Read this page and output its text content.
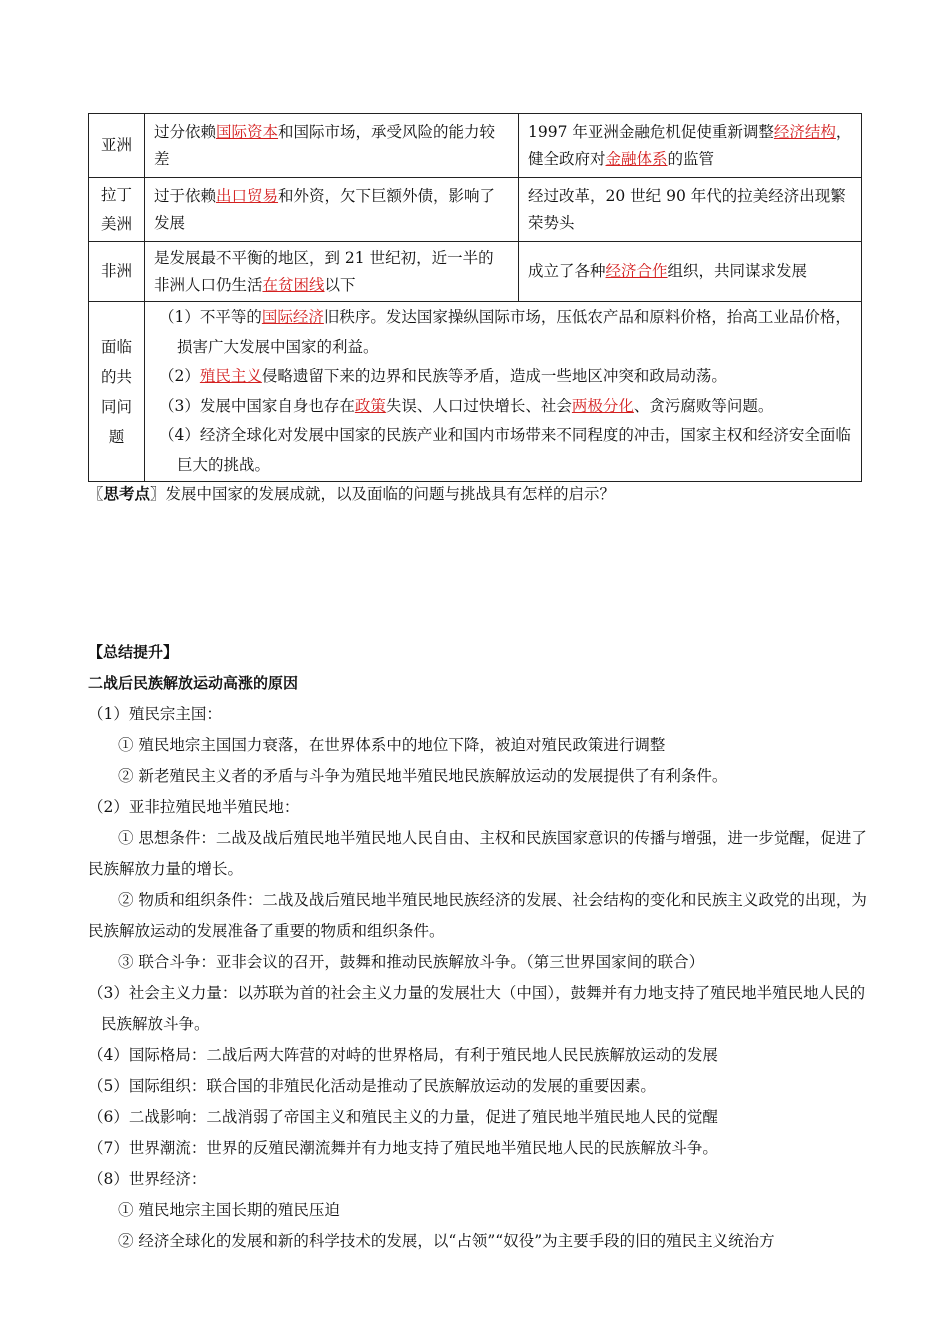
亚洲	过分依赖国际资本和国际市场，承受风险的能力较差	1997 年亚洲金融危机促使重新调整经济结构，健全政府对金融体系的监管
拉丁美洲	过于依赖出口贸易和外资，欠下巨额外债，影响了发展	经过改革，20 世纪 90 年代的拉美经济出现繁荣势头
非洲	是发展最不平衡的地区，到 21 世纪初，近一半的非洲人口仍生活在贫困线以下	成立了各种经济合作组织，共同谋求发展
面临的共同问题	（1）不平等的国际经济旧秩序。发达国家操纵国际市场，压低农产品和原料价格，抬高工业品价格，损害广大发展中国家的利益。
（2）殖民主义侵略遗留下来的边界和民族等矛盾，造成一些地区冲突和政局动荡。
（3）发展中国家自身也存在政策失误、人口过快增长、社会两极分化、贪污腐败等问题。
（4）经济全球化对发展中国家的民族产业和国内市场带来不同程度的冲击，国家主权和经济安全面临巨大的挑战。	
〖思考点〗发展中国家的发展成就，以及面临的问题与挑战具有怎样的启示？
【总结提升】
二战后民族解放运动高涨的原因
（1）殖民宗主国：
① 殖民地宗主国国力衰落，在世界体系中的地位下降，被迫对殖民政策进行调整
② 新老殖民主义者的矛盾与斗争为殖民地半殖民地民族解放运动的发展提供了有利条件。
（2）亚非拉殖民地半殖民地：
① 思想条件：二战及战后殖民地半殖民地人民自由、主权和民族国家意识的传播与增强，进一步觉醒，促进了民族解放力量的增长。
② 物质和组织条件：二战及战后殖民地半殖民地民族经济的发展、社会结构的变化和民族主义政党的出现，为民族解放运动的发展准备了重要的物质和组织条件。
③ 联合斗争：亚非会议的召开，鼓舞和推动民族解放斗争。（第三世界国家间的联合）
（3）社会主义力量：以苏联为首的社会主义力量的发展壮大（中国），鼓舞并有力地支持了殖民地半殖民地人民的民族解放斗争。
（4）国际格局：二战后两大阵营的对峙的世界格局，有利于殖民地人民民族解放运动的发展
（5）国际组织：联合国的非殖民化活动是推动了民族解放运动的发展的重要因素。
（6）二战影响：二战消弱了帝国主义和殖民主义的力量，促进了殖民地半殖民地人民的觉醒
（7）世界潮流：世界的反殖民潮流舞并有力地支持了殖民地半殖民地人民的民族解放斗争。
（8）世界经济：
① 殖民地宗主国长期的殖民压迫
② 经济全球化的发展和新的科学技术的发展，以“占领”“奴役”为主要手段的旧的殖民主义统治方
